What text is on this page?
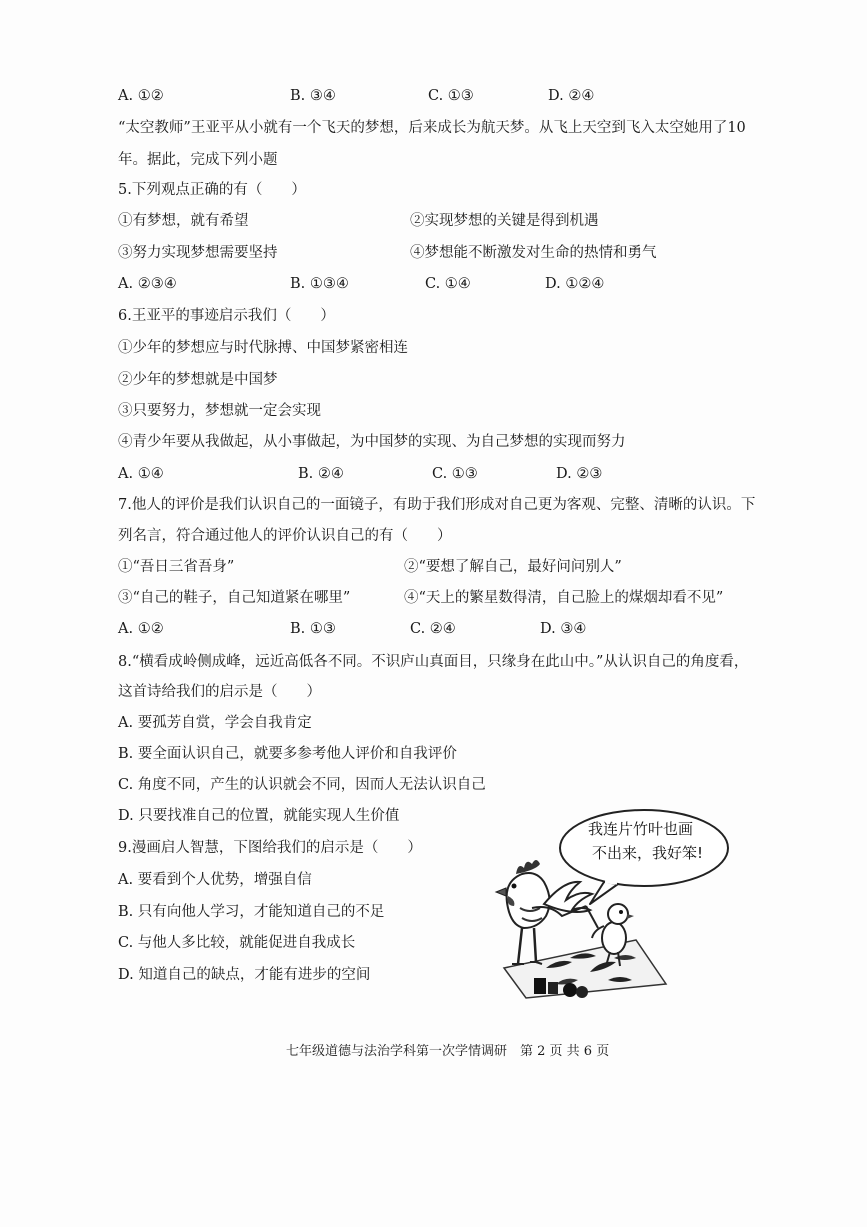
A. ①②	B. ③④	C. ①③	D. ②④
“太空教师”王亚平从小就有一个飞天的梦想，后来成长为航天梦。从飞上天空到飞入太空她用了10
年。据此，完成下列小题
5.下列观点正确的有（　　）
①有梦想，就有希望	②实现梦想的关键是得到机遇
③努力实现梦想需要坚持	④梦想能不断激发对生命的热情和勇气
A. ②③④	B. ①③④	C. ①④	D. ①②④
6.王亚平的事迹启示我们（　　）
①少年的梦想应与时代脉搏、中国梦紧密相连
②少年的梦想就是中国梦
③只要努力，梦想就一定会实现
④青少年要从我做起，从小事做起，为中国梦的实现、为自己梦想的实现而努力
A. ①④	B. ②④	C. ①③	D. ②③
7.他人的评价是我们认识自己的一面镜子，有助于我们形成对自己更为客观、完整、清晰的认识。下
列名言，符合通过他人的评价认识自己的有（　　）
①“吾日三省吾身”	②“要想了解自己，最好问问别人”
③“自己的鞋子，自己知道紧在哪里”	④“天上的繁星数得清，自己脸上的煤烟却看不见”
A. ①②	B. ①③	C. ②④	D. ③④
8.“横看成岭侧成峰，远近高低各不同。不识庐山真面目，只缘身在此山中。”从认识自己的角度看，
这首诗给我们的启示是（　　）
A. 要孤芳自赏，学会自我肯定
B. 要全面认识自己，就要多参考他人评价和自我评价
C. 角度不同，产生的认识就会不同，因而人无法认识自己
D. 只要找准自己的位置，就能实现人生价值
9.漫画启人智慧，下图给我们的启示是（　　）
A. 要看到个人优势，增强自信
B. 只有向他人学习，才能知道自己的不足
C. 与他人多比较，就能促进自我成长
D. 知道自己的缺点，才能有进步的空间
我连片竹叶也画
不出来，我好笨!
七年级道德与法治学科第一次学情调研　第 2 页 共 6 页
